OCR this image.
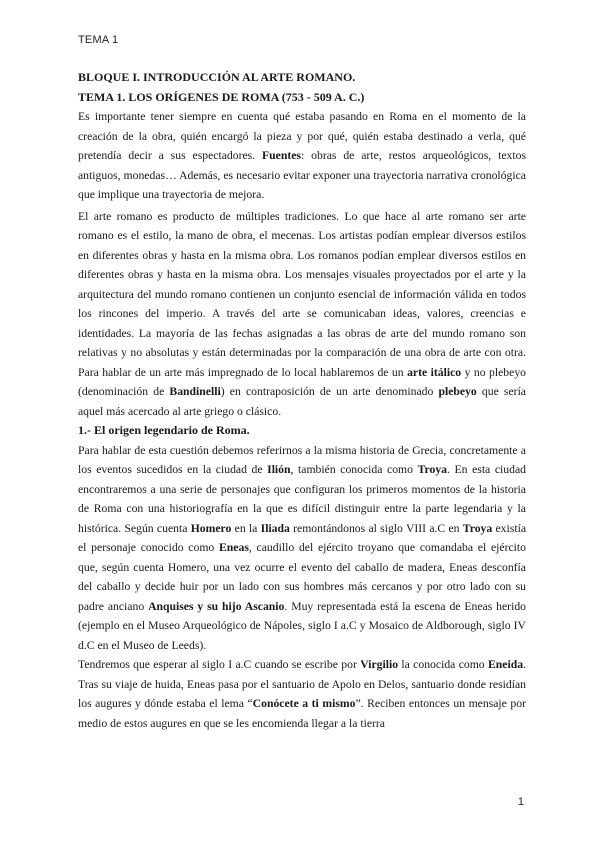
TEMA 1
BLOQUE I. INTRODUCCIÓN AL ARTE ROMANO.
TEMA 1. LOS ORÍGENES DE ROMA (753 - 509 A. C.)

Es importante tener siempre en cuenta qué estaba pasando en Roma en el momento de la creación de la obra, quién encargó la pieza y por qué, quién estaba destinado a verla, qué pretendía decir a sus espectadores. Fuentes: obras de arte, restos arqueológicos, textos antiguos, monedas… Además, es necesario evitar exponer una trayectoria narrativa cronológica que implique una trayectoria de mejora.

El arte romano es producto de múltiples tradiciones. Lo que hace al arte romano ser arte romano es el estilo, la mano de obra, el mecenas. Los artistas podían emplear diversos estilos en diferentes obras y hasta en la misma obra. Los romanos podían emplear diversos estilos en diferentes obras y hasta en la misma obra. Los mensajes visuales proyectados por el arte y la arquitectura del mundo romano contienen un conjunto esencial de información válida en todos los rincones del imperio. A través del arte se comunicaban ideas, valores, creencias e identidades. La mayoría de las fechas asignadas a las obras de arte del mundo romano son relativas y no absolutas y están determinadas por la comparación de una obra de arte con otra. Para hablar de un arte más impregnado de lo local hablaremos de un arte itálico y no plebeyo (denominación de Bandinelli) en contraposición de un arte denominado plebeyo que sería aquel más acercado al arte griego o clásico.

1.- El origen legendario de Roma.

Para hablar de esta cuestión debemos referirnos a la misma historia de Grecia, concretamente a los eventos sucedidos en la ciudad de Ilión, también conocida como Troya. En esta ciudad encontraremos a una serie de personajes que configuran los primeros momentos de la historia de Roma con una historiografía en la que es difícil distinguir entre la parte legendaria y la histórica. Según cuenta Homero en la Iliada remontándonos al siglo VIII a.C en Troya existía el personaje conocido como Eneas, caudillo del ejército troyano que comandaba el ejército que, según cuenta Homero, una vez ocurre el evento del caballo de madera, Eneas desconfía del caballo y decide huir por un lado con sus hombres más cercanos y por otro lado con su padre anciano Anquises y su hijo Ascanio. Muy representada está la escena de Eneas herido (ejemplo en el Museo Arqueológico de Nápoles, siglo I a.C y Mosaico de Aldborough, siglo IV d.C en el Museo de Leeds).

Tendremos que esperar al siglo I a.C cuando se escribe por Virgilio la conocida como Eneida. Tras su viaje de huida, Eneas pasa por el santuario de Apolo en Delos, santuario donde residían los augures y dónde estaba el lema “Conócete a ti mismo”. Reciben entonces un mensaje por medio de estos augures en que se les encomienda llegar a la tierra

1
